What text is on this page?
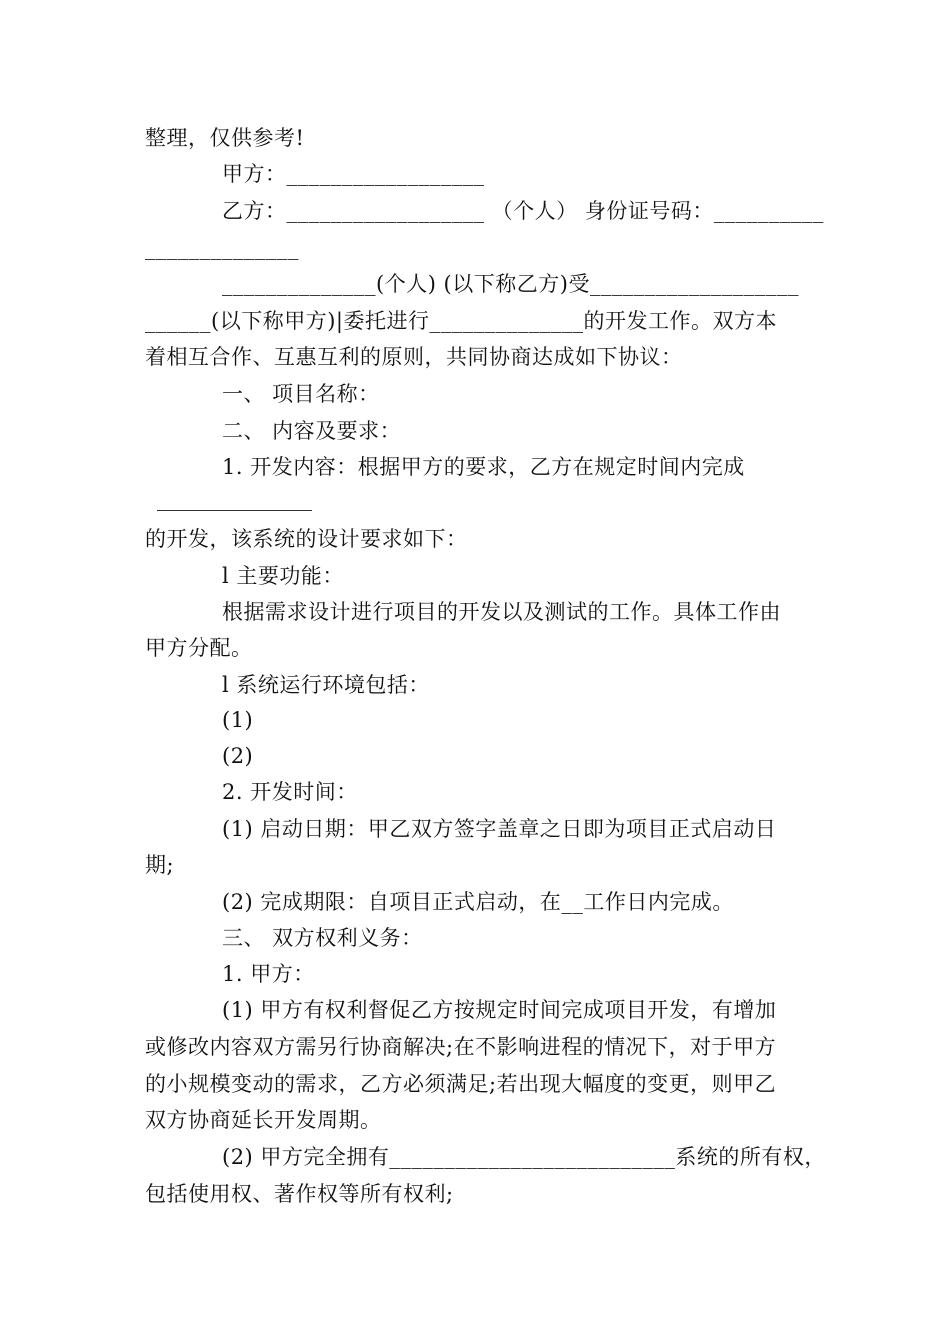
整理，仅供参考!
甲方：__________________
乙方：__________________ （个人） 身份证号码：__________
______________
______________(个人) (以下称乙方)受___________________
______(以下称甲方)|委托进行______________的开发工作。双方本
着相互合作、互惠互利的原则，共同协商达成如下协议：
一、 项目名称：
二、 内容及要求：
1. 开发内容：根据甲方的要求，乙方在规定时间内完成
的开发，该系统的设计要求如下：
l 主要功能：
根据需求设计进行项目的开发以及测试的工作。具体工作由
甲方分配。
l 系统运行环境包括：
(1)
(2)
2. 开发时间：
(1) 启动日期：甲乙双方签字盖章之日即为项目正式启动日
期;
(2) 完成期限：自项目正式启动，在__工作日内完成。
三、 双方权利义务：
1. 甲方：
(1) 甲方有权利督促乙方按规定时间完成项目开发，有增加
或修改内容双方需另行协商解决;在不影响进程的情况下，对于甲方
的小规模变动的需求，乙方必须满足;若出现大幅度的变更，则甲乙
双方协商延长开发周期。
(2) 甲方完全拥有__________________________系统的所有权，
包括使用权、著作权等所有权利;
